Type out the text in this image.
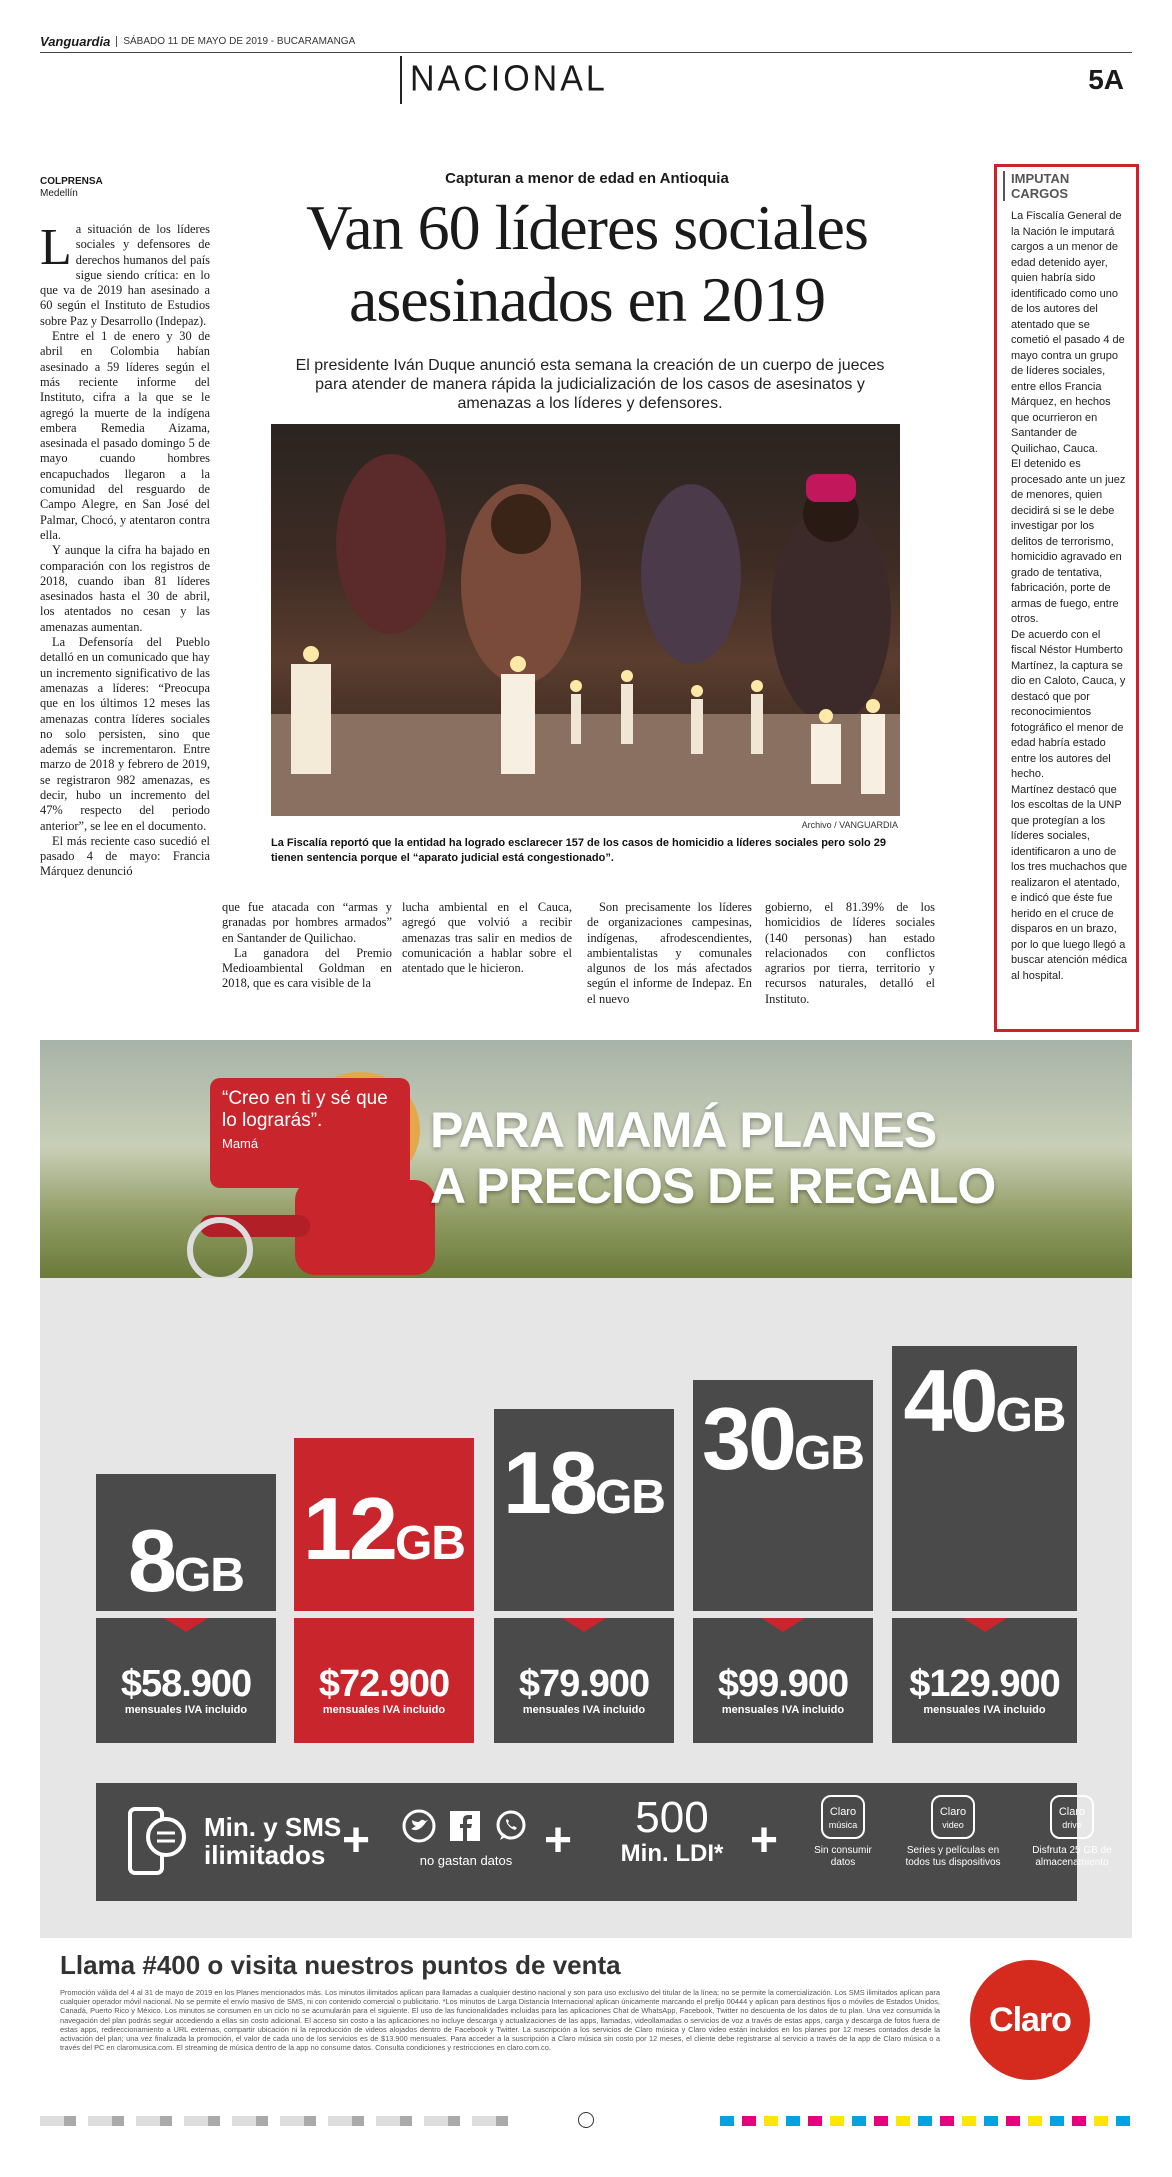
Vanguardia	SÁBADO 11 DE MAYO DE 2019 - BUCARAMANGA
NACIONAL	5A
COLPRENSA
Medellín
Capturan a menor de edad en Antioquia
Van 60 líderes sociales
asesinados en 2019
El presidente Iván Duque anunció esta semana la creación de un cuerpo de jueces para atender de manera rápida la judicialización de los casos de asesinatos y amenazas a los líderes y defensores.

La situación de los líderes sociales y defensores de derechos humanos del país sigue siendo crítica: en lo que va de 2019 han asesinado a 60 según el Instituto de Estudios sobre Paz y Desarrollo (Indepaz).

Entre el 1 de enero y 30 de abril en Colombia habían asesinado a 59 líderes según el más reciente informe del Instituto, cifra a la que se le agregó la muerte de la indígena embera Remedia Aizama, asesinada el pasado domingo 5 de mayo cuando hombres encapuchados llegaron a la comunidad del resguardo de Campo Alegre, en San José del Palmar, Chocó, y atentaron contra ella.

Y aunque la cifra ha bajado en comparación con los registros de 2018, cuando iban 81 líderes asesinados hasta el 30 de abril, los atentados no cesan y las amenazas aumentan.

La Defensoría del Pueblo detalló en un comunicado que hay un incremento significativo de las amenazas a líderes: “Preocupa que en los últimos 12 meses las amenazas contra líderes sociales no solo persisten, sino que además se incrementaron. Entre marzo de 2018 y febrero de 2019, se registraron 982 amenazas, es decir, hubo un incremento del 47% respecto del periodo anterior”, se lee en el documento.

El más reciente caso sucedió el pasado 4 de mayo: Francia Márquez denunció

Archivo / VANGUARDIA
La Fiscalía reportó que la entidad ha logrado esclarecer 157 de los casos de homicidio a líderes sociales pero solo 29 tienen sentencia porque el “aparato judicial está congestionado”.

que fue atacada con “armas y granadas por hombres armados” en Santander de Quilichao.

La ganadora del Premio Medioambiental Goldman en 2018, que es cara visible de la

lucha ambiental en el Cauca, agregó que volvió a recibir amenazas tras salir en medios de comunicación a hablar sobre el atentado que le hicieron.

Son precisamente los líderes de organizaciones campesinas, indígenas, afrodescendientes, ambientalistas y comunales algunos de los más afectados según el informe de Indepaz. En el nuevo

gobierno, el 81.39% de los homicidios de líderes sociales (140 personas) han estado relacionados con conflictos agrarios por tierra, territorio y recursos naturales, detalló el Instituto.

IMPUTAN
CARGOS

La Fiscalía General de la Nación le imputará cargos a un menor de edad detenido ayer, quien habría sido identificado como uno de los autores del atentado que se cometió el pasado 4 de mayo contra un grupo de líderes sociales, entre ellos Francia Márquez, en hechos que ocurrieron en Santander de Quilichao, Cauca.

El detenido es procesado ante un juez de menores, quien decidirá si se le debe investigar por los delitos de terrorismo, homicidio agravado en grado de tentativa, fabricación, porte de armas de fuego, entre otros.

De acuerdo con el fiscal Néstor Humberto Martínez, la captura se dio en Caloto, Cauca, y destacó que por reconocimientos fotográfico el menor de edad habría estado entre los autores del hecho.

Martínez destacó que los escoltas de la UNP que protegían a los líderes sociales, identificaron a uno de los tres muchachos que realizaron el atentado, e indicó que éste fue herido en el cruce de disparos en un brazo, por lo que luego llegó a buscar atención médica al hospital.

“Creo en ti y sé que lo lograrás”.
Mamá	PARA MAMÁ PLANES
A PRECIOS DE REGALO
8GB
$58.900
mensuales IVA incluido
12GB
$72.900
mensuales IVA incluido
18GB
$79.900
mensuales IVA incluido
30GB
$99.900
mensuales IVA incluido
40GB
$129.900
mensuales IVA incluido
Min. y SMS
ilimitados +	no gastan datos +	500
Min. LDI* +
Claro
música
Sin consumir datos
Claro
video
Series y películas en todos tus dispositivos
Claro
drive
Disfruta 25 GB de almacenamiento
Llama #400 o visita nuestros puntos de venta
Promoción válida del 4 al 31 de mayo de 2019 en los Planes mencionados más. Los minutos ilimitados aplican para llamadas a cualquier destino nacional y son para uso exclusivo del titular de la línea; no se permite la comercialización. Los SMS ilimitados aplican para cualquier operador móvil nacional. No se permite el envío masivo de SMS, ni con contenido comercial o publicitario. *Los minutos de Larga Distancia Internacional aplican únicamente marcando el prefijo 00444 y aplican para destinos fijos o móviles de Estados Unidos, Canadá, Puerto Rico y México. Los minutos se consumen en un ciclo no se acumularán para el siguiente. El uso de las funcionalidades incluidas para las aplicaciones Chat de WhatsApp, Facebook, Twitter no descuenta de los datos de tu plan. Una vez consumida la navegación del plan podrás seguir accediendo a ellas sin costo adicional. El acceso sin costo a las aplicaciones no incluye descarga y actualizaciones de las apps, llamadas, videollamadas o servicios de voz a través de estas apps, carga y descarga de fotos fuera de estas apps, redireccionamiento a URL externas, compartir ubicación ni la reproducción de videos alojados dentro de Facebook y Twitter. La suscripción a los servicios de Claro música y Claro video están incluidos en los planes por 12 meses contados desde la activación del plan; una vez finalizada la promoción, el valor de cada uno de los servicios es de $13.900 mensuales. Para acceder a la suscripción a Claro música sin costo por 12 meses, el cliente debe registrarse al servicio a través de la app de Claro música o a través del PC en claromusica.com. El streaming de música dentro de la app no consume datos. Consulta condiciones y restricciones en claro.com.co.
Claro
